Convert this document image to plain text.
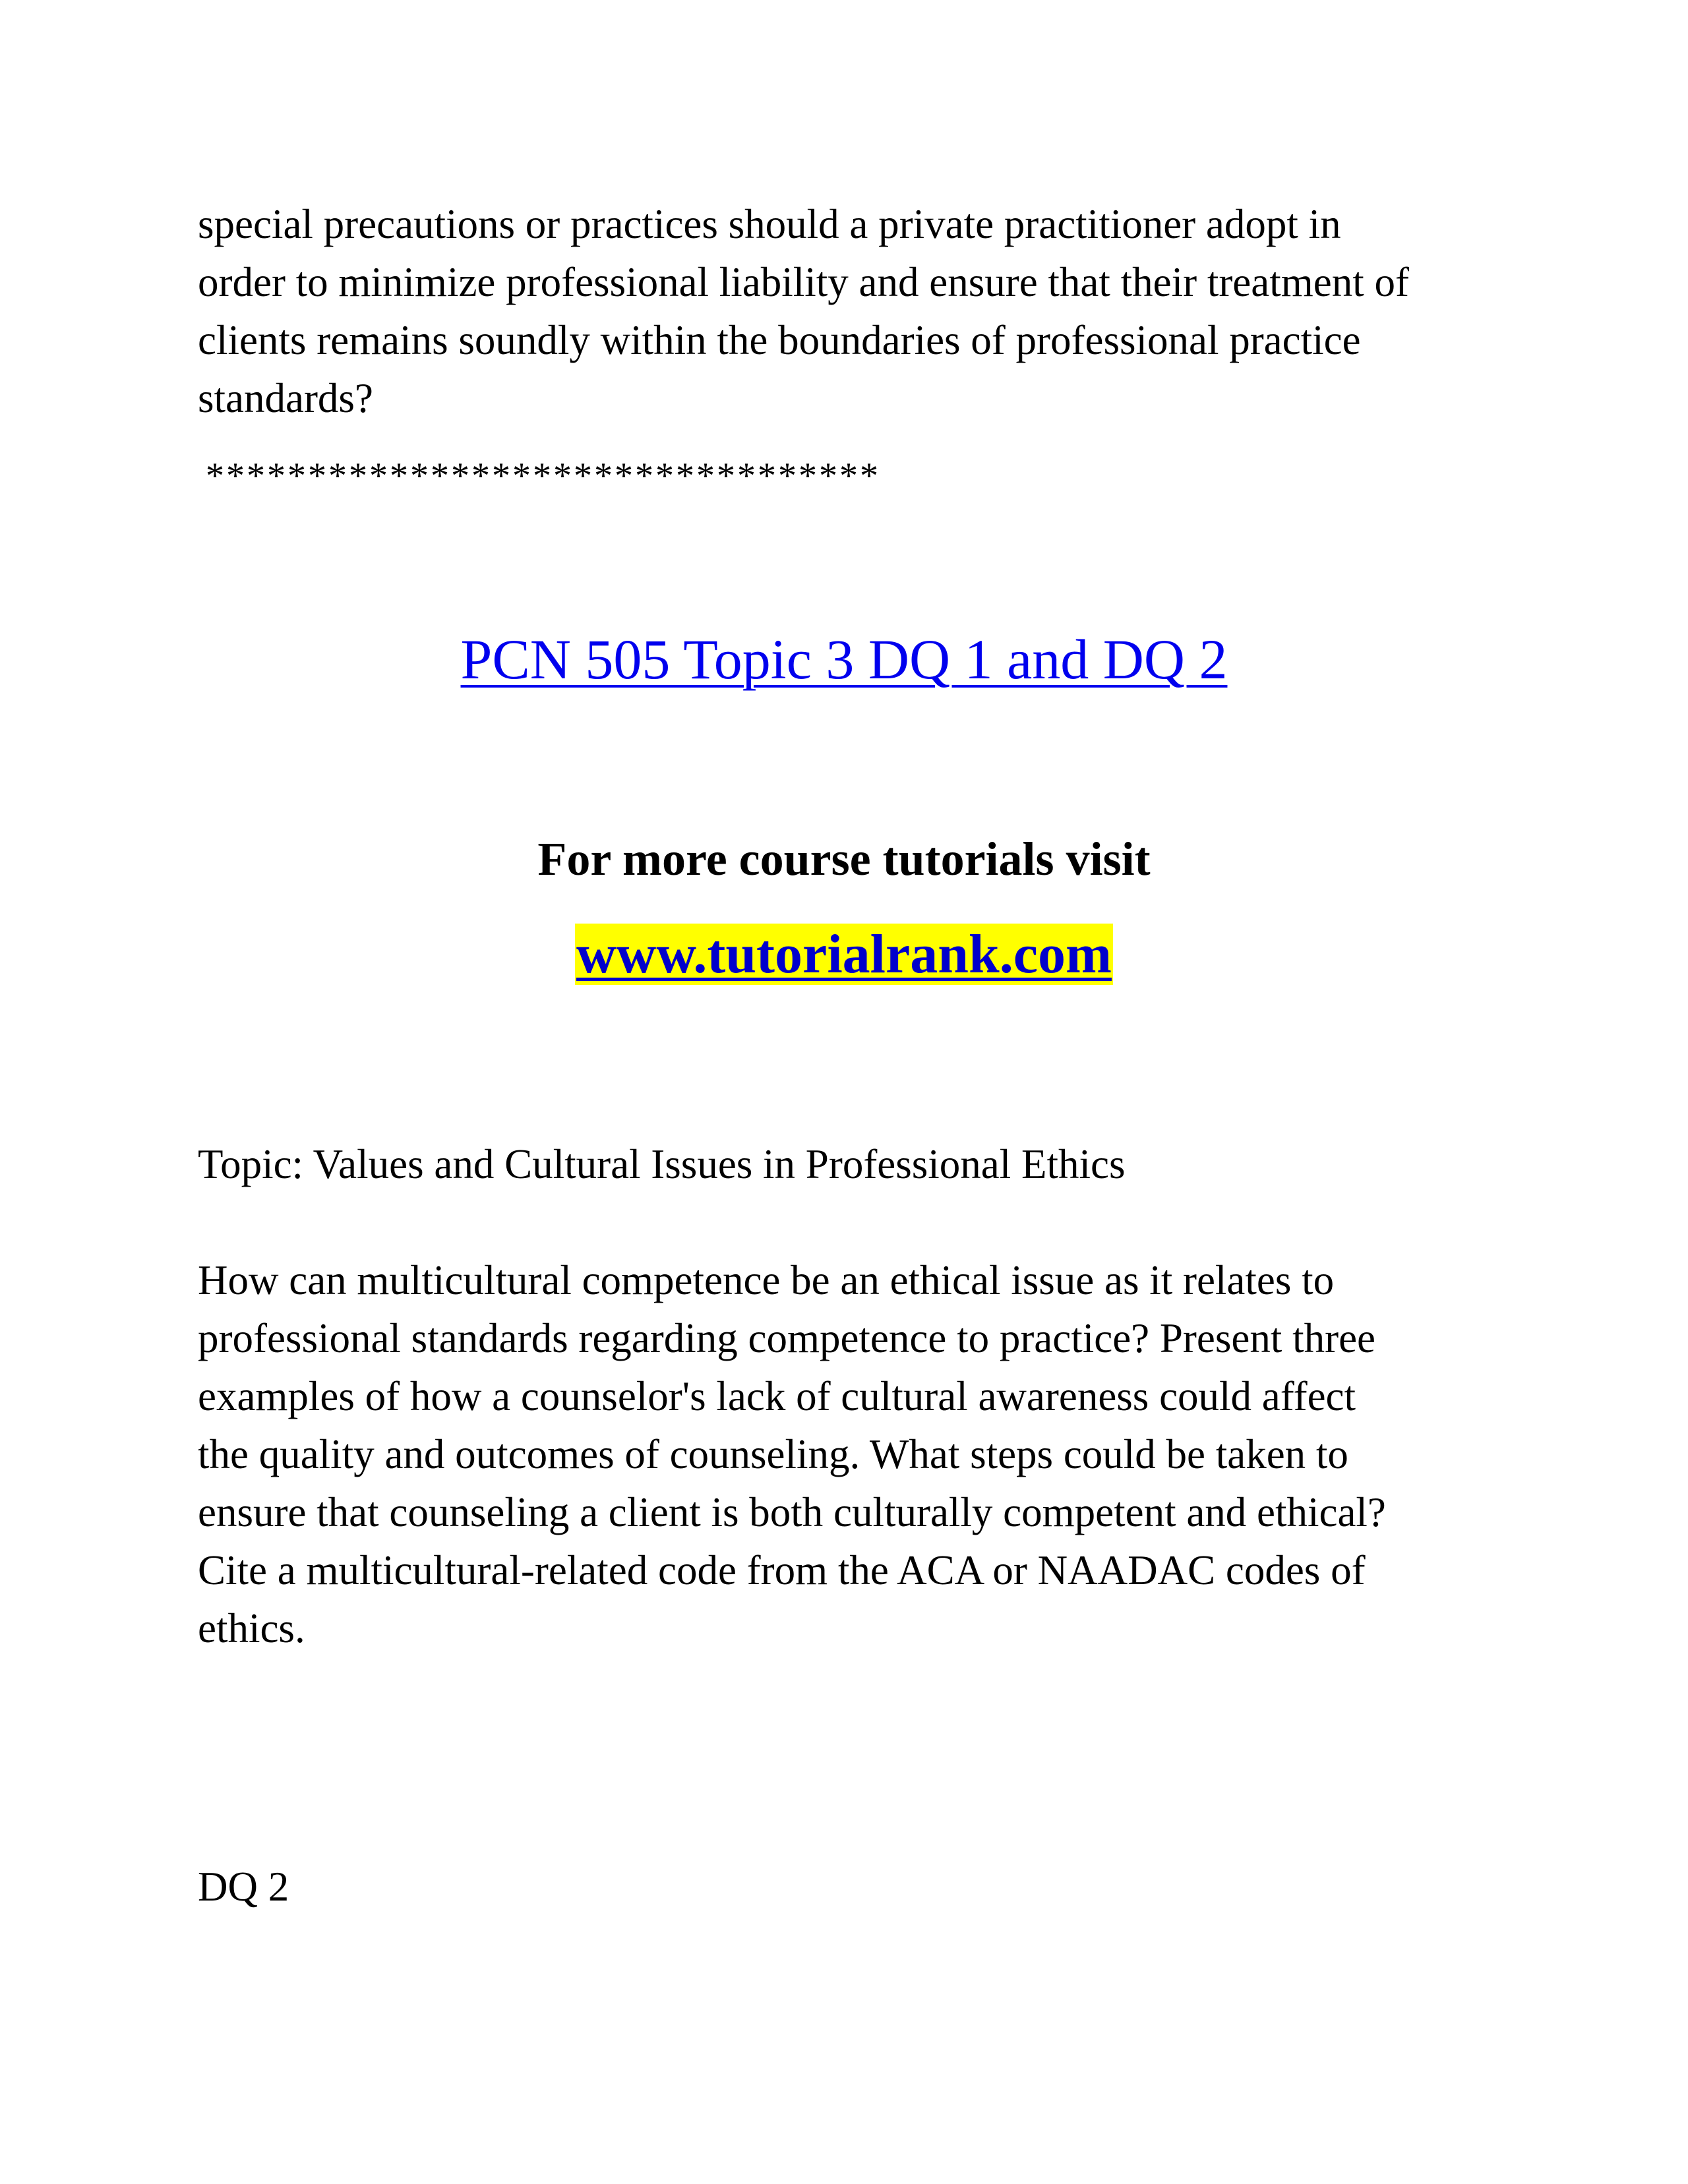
special precautions or practices should a private practitioner adopt in
order to minimize professional liability and ensure that their treatment of
clients remains soundly within the boundaries of professional practice
standards?

*********************************
PCN 505 Topic 3 DQ 1 and DQ 2
For more course tutorials visit
www.tutorialrank.com

Topic: Values and Cultural Issues in Professional Ethics

How can multicultural competence be an ethical issue as it relates to
professional standards regarding competence to practice? Present three
examples of how a counselor's lack of cultural awareness could affect
the quality and outcomes of counseling. What steps could be taken to
ensure that counseling a client is both culturally competent and ethical?
Cite a multicultural-related code from the ACA or NAADAC codes of
ethics.

DQ 2
